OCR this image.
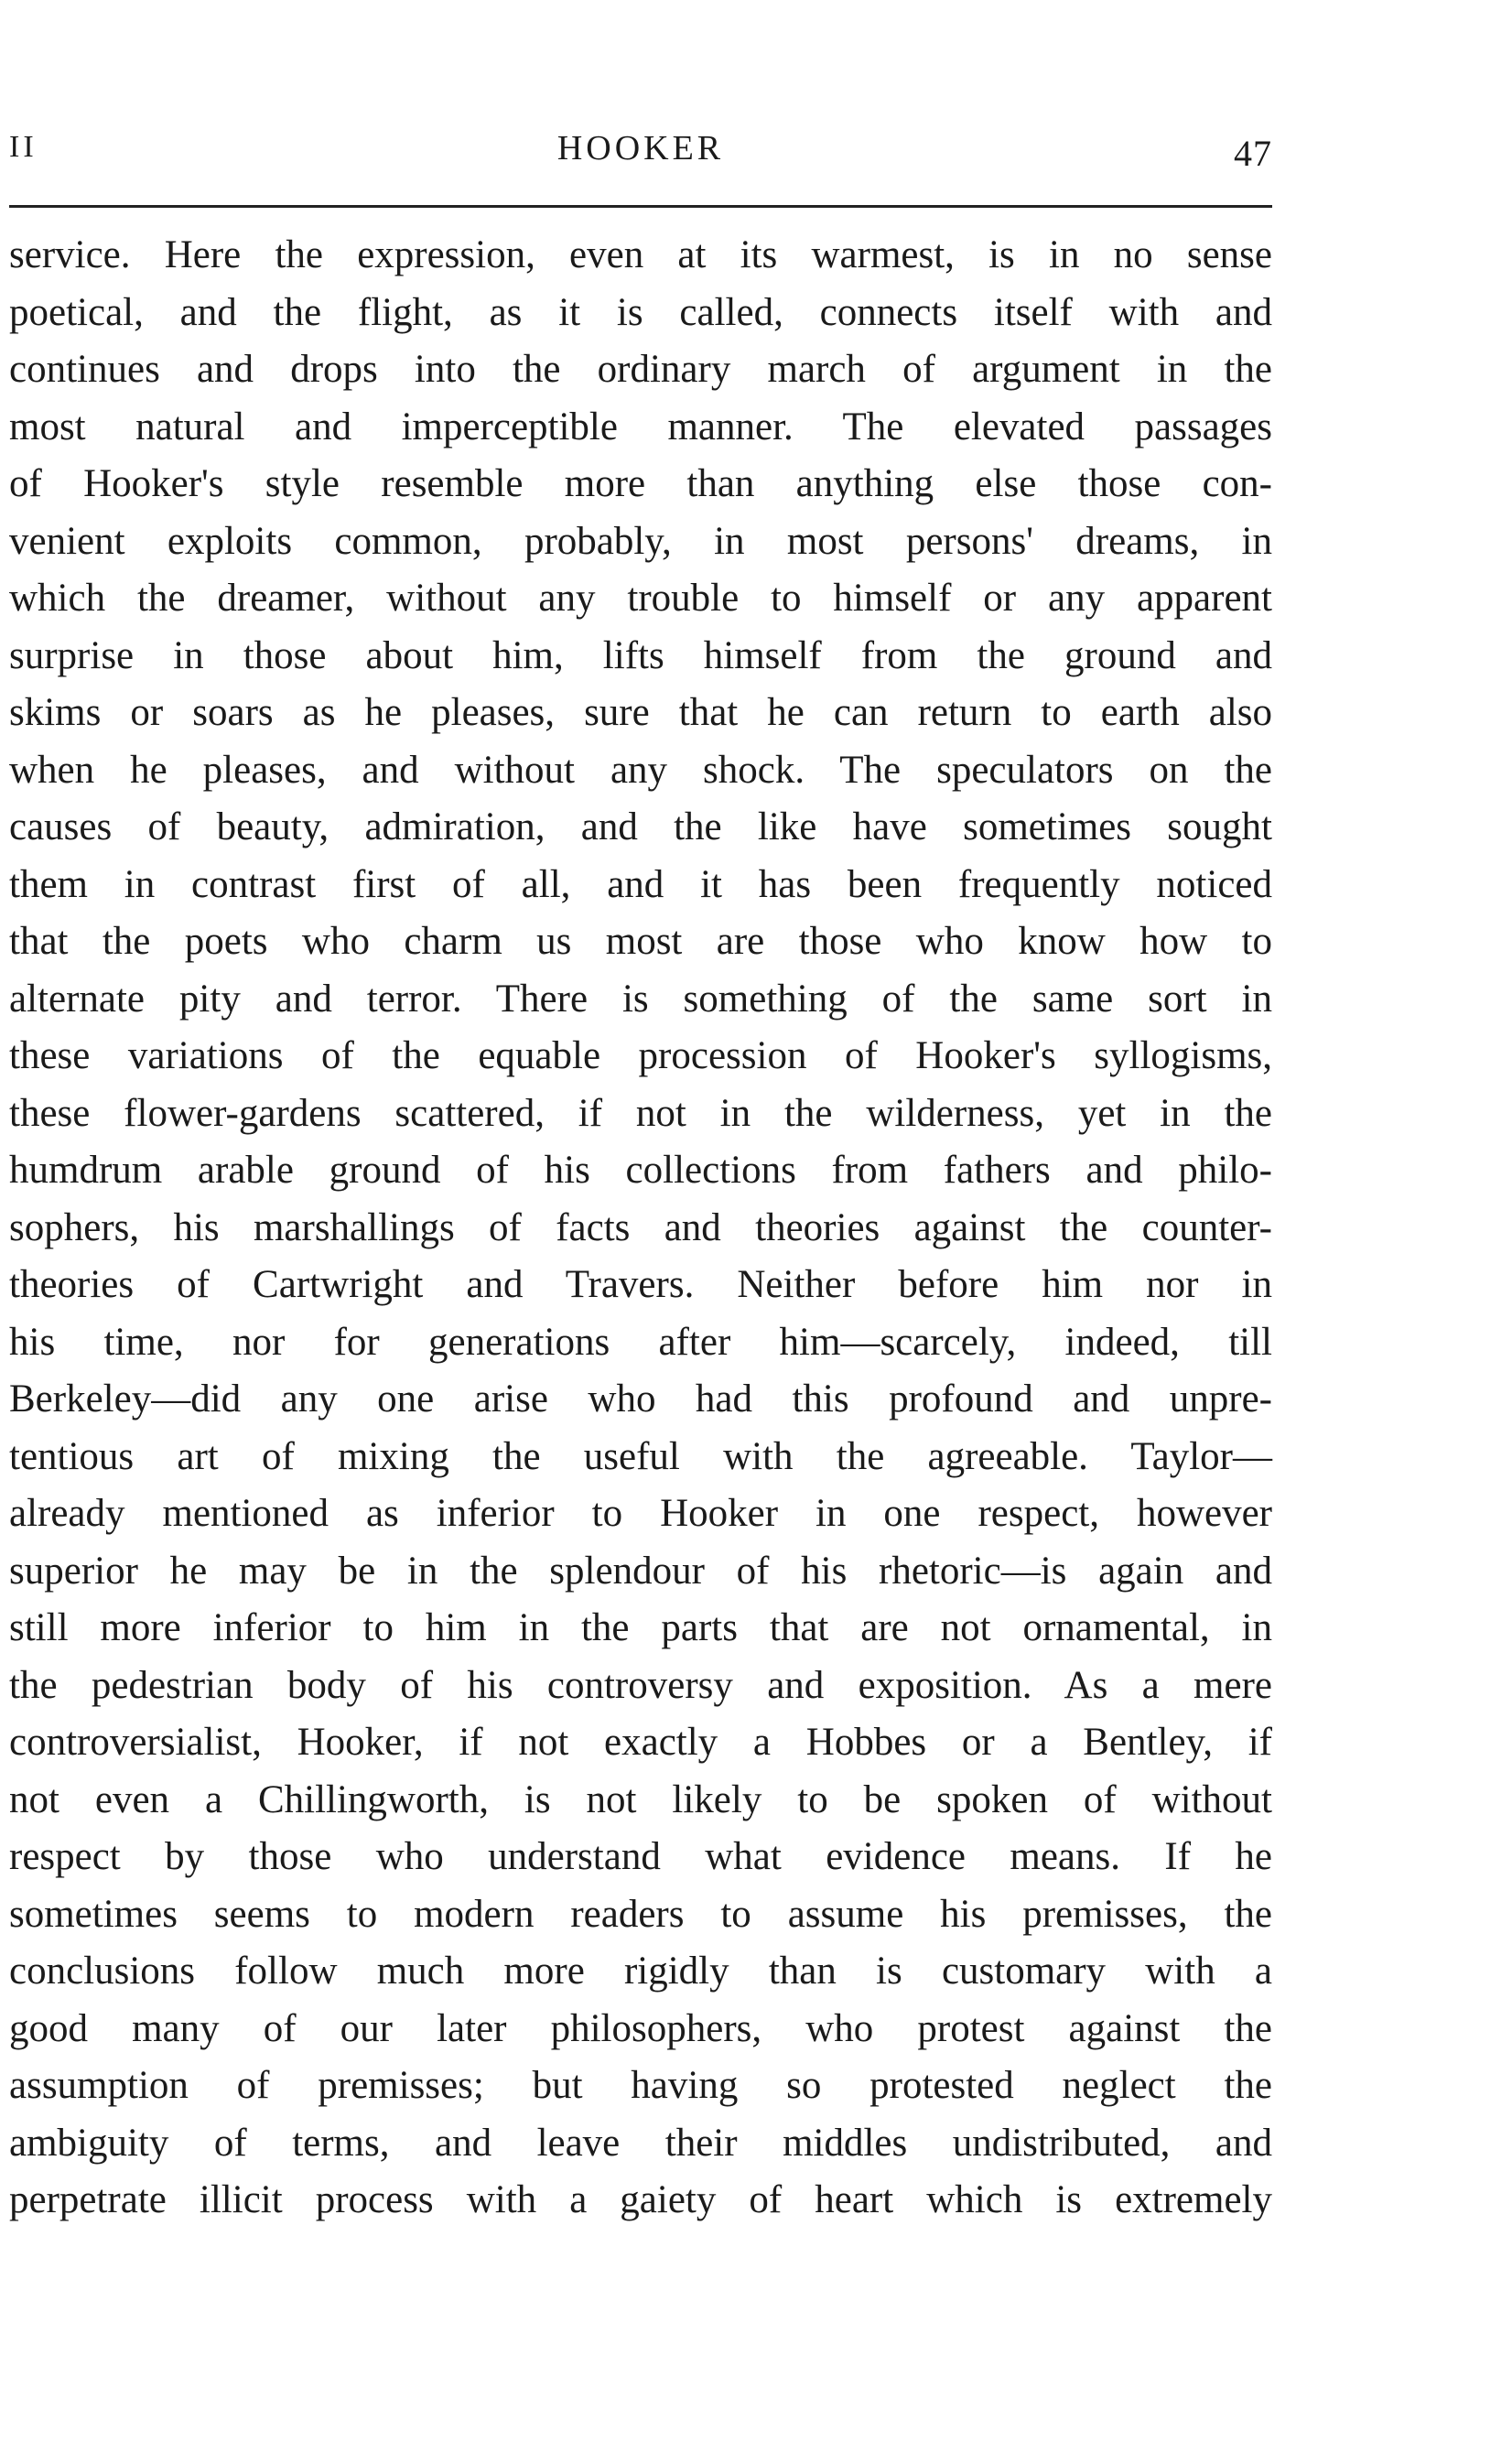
II	HOOKER	47
service. Here the expression, even at its warmest, is in no sense
poetical, and the flight, as it is called, connects itself with and
continues and drops into the ordinary march of argument in the
most natural and imperceptible manner. The elevated passages
of Hooker's style resemble more than anything else those con-
venient exploits common, probably, in most persons' dreams, in
which the dreamer, without any trouble to himself or any apparent
surprise in those about him, lifts himself from the ground and
skims or soars as he pleases, sure that he can return to earth also
when he pleases, and without any shock. The speculators on the
causes of beauty, admiration, and the like have sometimes sought
them in contrast first of all, and it has been frequently noticed
that the poets who charm us most are those who know how to
alternate pity and terror. There is something of the same sort in
these variations of the equable procession of Hooker's syllogisms,
these flower-gardens scattered, if not in the wilderness, yet in the
humdrum arable ground of his collections from fathers and philo-
sophers, his marshallings of facts and theories against the counter-
theories of Cartwright and Travers. Neither before him nor in
his time, nor for generations after him—scarcely, indeed, till
Berkeley—did any one arise who had this profound and unpre-
tentious art of mixing the useful with the agreeable. Taylor—
already mentioned as inferior to Hooker in one respect, however
superior he may be in the splendour of his rhetoric—is again and
still more inferior to him in the parts that are not ornamental, in
the pedestrian body of his controversy and exposition. As a mere
controversialist, Hooker, if not exactly a Hobbes or a Bentley, if
not even a Chillingworth, is not likely to be spoken of without
respect by those who understand what evidence means. If he
sometimes seems to modern readers to assume his premisses, the
conclusions follow much more rigidly than is customary with a
good many of our later philosophers, who protest against the
assumption of premisses; but having so protested neglect the
ambiguity of terms, and leave their middles undistributed, and
perpetrate illicit process with a gaiety of heart which is extremely
